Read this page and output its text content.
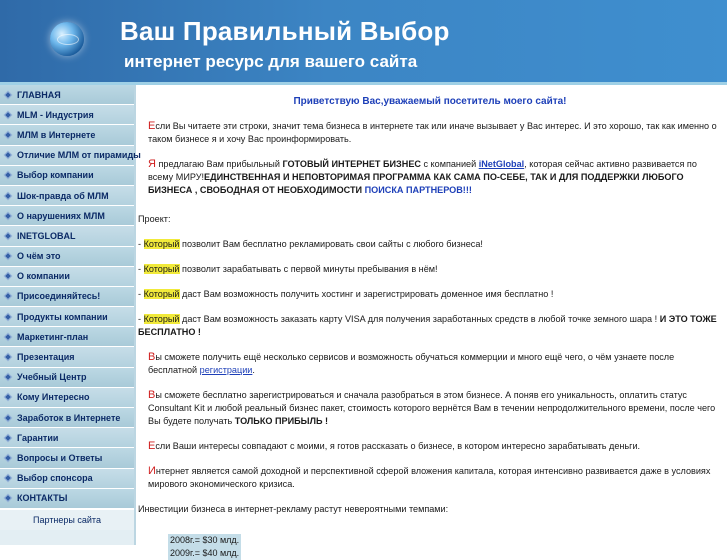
Ваш Правильный Выбор
интернет ресурс для вашего сайта
ГЛАВНАЯ
MLM - Индустрия
МЛМ в Интернете
Отличие МЛМ от пирамиды
Выбор компании
Шок-правда об МЛМ
О нарушениях МЛМ
INETGLOBAL
О чём это
О компании
Присоединяйтесь!
Продукты компании
Маркетинг-план
Презентация
Учебный Центр
Кому Интересно
Заработок в Интернете
Гарантии
Вопросы и Ответы
Выбор спонсора
КОНТАКТЫ
Партнеры сайта
Приветствую Вас,уважаемый посетитель моего сайта!
Если Вы читаете эти строки, значит тема бизнеса в интернете так или иначе вызывает у Вас интерес. И это хорошо, так как именно о таком бизнесе я и хочу Вас проинформировать.
Я предлагаю Вам прибыльный ГОТОВЫЙ ИНТЕРНЕТ БИЗНЕС с компанией iNetGlobal, которая сейчас активно развивается по всему МИРУ!ЕДИНСТВЕННАЯ И НЕПОВТОРИМАЯ ПРОГРАММА КАК САМА ПО-СЕБЕ, ТАК И ДЛЯ ПОДДЕРЖКИ ЛЮБОГО БИЗНЕСА , СВОБОДНАЯ ОТ НЕОБХОДИМОСТИ ПОИСКА ПАРТНЕРОВ!!!
Проект:
- Который позволит Вам бесплатно рекламировать свои сайты с любого бизнеса!
- Который позволит зарабатывать с первой минуты пребывания в нём!
- Который даст Вам возможность получить хостинг и зарегистрировать доменное имя бесплатно !
- Который даст Вам возможность заказать карту VISA для получения заработанных средств в любой точке земного шара ! И ЭТО ТОЖЕ БЕСПЛАТНО !
Вы сможете получить ещё несколько сервисов и возможность обучаться коммерции и много ещё чего, о чём узнаете после бесплатной регистрации.
Вы сможете бесплатно зарегистрироваться и сначала разобраться в этом бизнесе. А поняв его уникальность, оплатить статус Consultant Kit и любой реальный бизнес пакет, стоимость которого вернётся Вам в течении непродолжительного времени, после чего Вы будете получать ТОЛЬКО ПРИБЫЛЬ !
Если Ваши интересы совпадают с моими, я готов рассказать о бизнесе, в котором интересно зарабатывать деньги.
Интернет является самой доходной и перспективной сферой вложения капитала, которая интенсивно развивается даже в условиях мирового экономического кризиса.
Инвестиции бизнеса в интернет-рекламу растут невероятными темпами:
2008г.= $30 млд.
2009г.= $40 млд.
